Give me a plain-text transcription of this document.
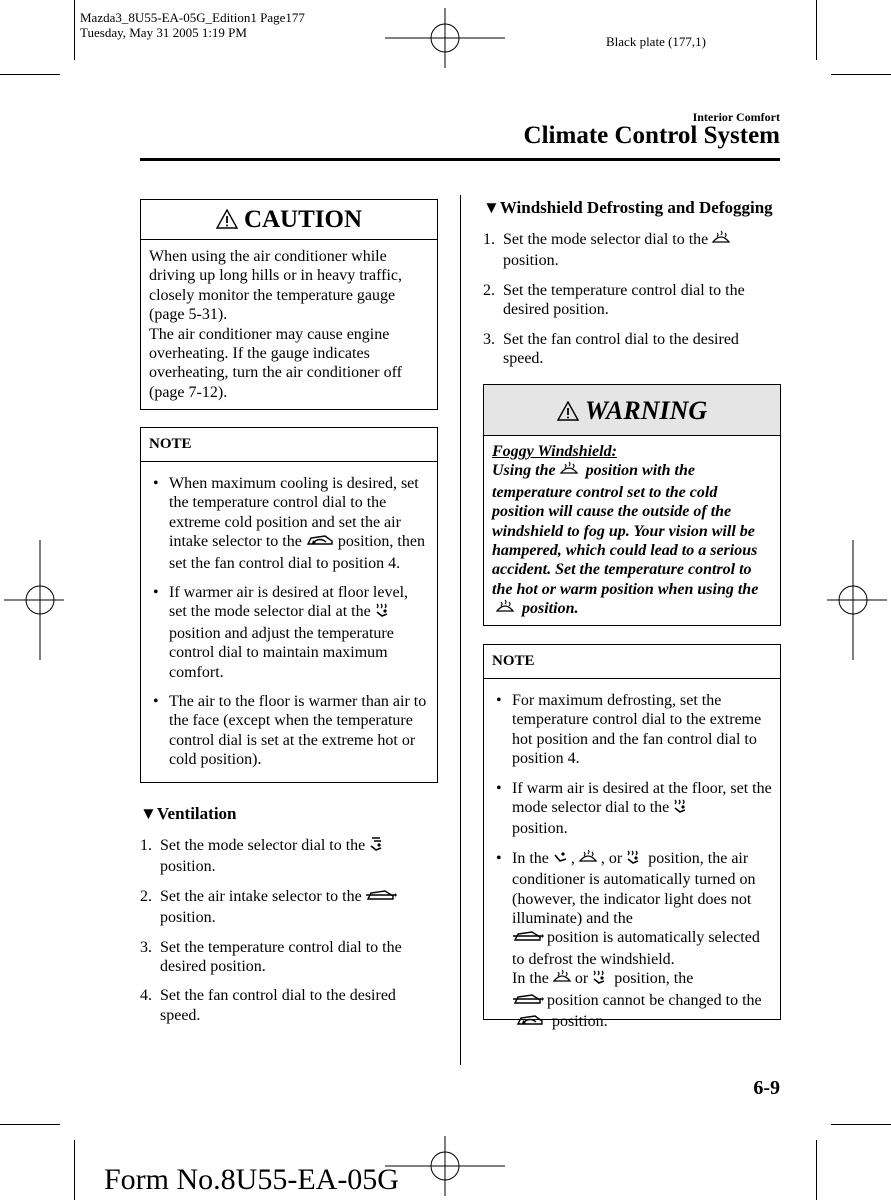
Mazda3_8U55-EA-05G_Edition1 Page177
Tuesday, May 31 2005 1:19 PM
Black plate (177,1)
Interior Comfort
Climate Control System
CAUTION
When using the air conditioner while driving up long hills or in heavy traffic, closely monitor the temperature gauge (page 5-31).
The air conditioner may cause engine overheating. If the gauge indicates overheating, turn the air conditioner off (page 7-12).
NOTE
• When maximum cooling is desired, set the temperature control dial to the extreme cold position and set the air intake selector to the position, then set the fan control dial to position 4.
• If warmer air is desired at floor level, set the mode selector dial at theposition and adjust the temperature control dial to maintain maximum comfort.
• The air to the floor is warmer than air to the face (except when the temperature control dial is set at the extreme hot or cold position).
▼Ventilation
1. Set the mode selector dial to the
position.
2. Set the air intake selector to the
position.
3. Set the temperature control dial to the desired position.
4. Set the fan control dial to the desired speed.
▼Windshield Defrosting and Defogging
1. Set the mode selector dial to the
position.
2. Set the temperature control dial to the desired position.
3. Set the fan control dial to the desired speed.
WARNING
Foggy Windshield:
Using the position with the temperature control set to the cold position will cause the outside of the windshield to fog up. Your vision will be hampered, which could lead to a serious accident. Set the temperature control to the hot or warm position when using the position.
NOTE
• For maximum defrosting, set the temperature control dial to the extreme hot position and the fan control dial to position 4.
• If warm air is desired at the floor, set the mode selector dial to the
position.
• In the , , or position, the air conditioner is automatically turned on (however, the indicator light does not illuminate) and the
position is automatically selected to defrost the windshield.
In the or position, the
position cannot be changed to the position.
6-9
Form No.8U55-EA-05G
